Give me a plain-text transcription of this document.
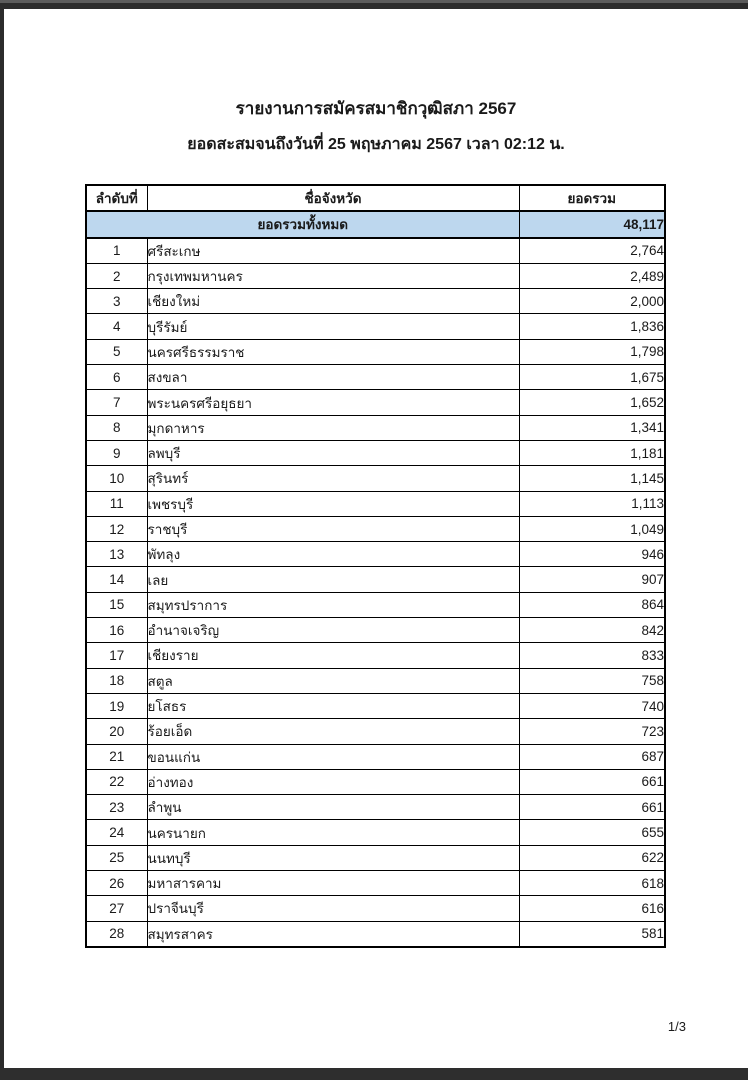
รายงานการสมัครสมาชิกวุฒิสภา 2567
ยอดสะสมจนถึงวันที่ 25 พฤษภาคม 2567 เวลา 02:12 น.
ลำดับที่	ชื่อจังหวัด	ยอดรวม
ยอดรวมทั้งหมด		48,117
1	ศรีสะเกษ	2,764
2	กรุงเทพมหานคร	2,489
3	เชียงใหม่	2,000
4	บุรีรัมย์	1,836
5	นครศรีธรรมราช	1,798
6	สงขลา	1,675
7	พระนครศรีอยุธยา	1,652
8	มุกดาหาร	1,341
9	ลพบุรี	1,181
10	สุรินทร์	1,145
11	เพชรบุรี	1,113
12	ราชบุรี	1,049
13	พัทลุง	946
14	เลย	907
15	สมุทรปราการ	864
16	อำนาจเจริญ	842
17	เชียงราย	833
18	สตูล	758
19	ยโสธร	740
20	ร้อยเอ็ด	723
21	ขอนแก่น	687
22	อ่างทอง	661
23	ลำพูน	661
24	นครนายก	655
25	นนทบุรี	622
26	มหาสารคาม	618
27	ปราจีนบุรี	616
28	สมุทรสาคร	581
1/3
